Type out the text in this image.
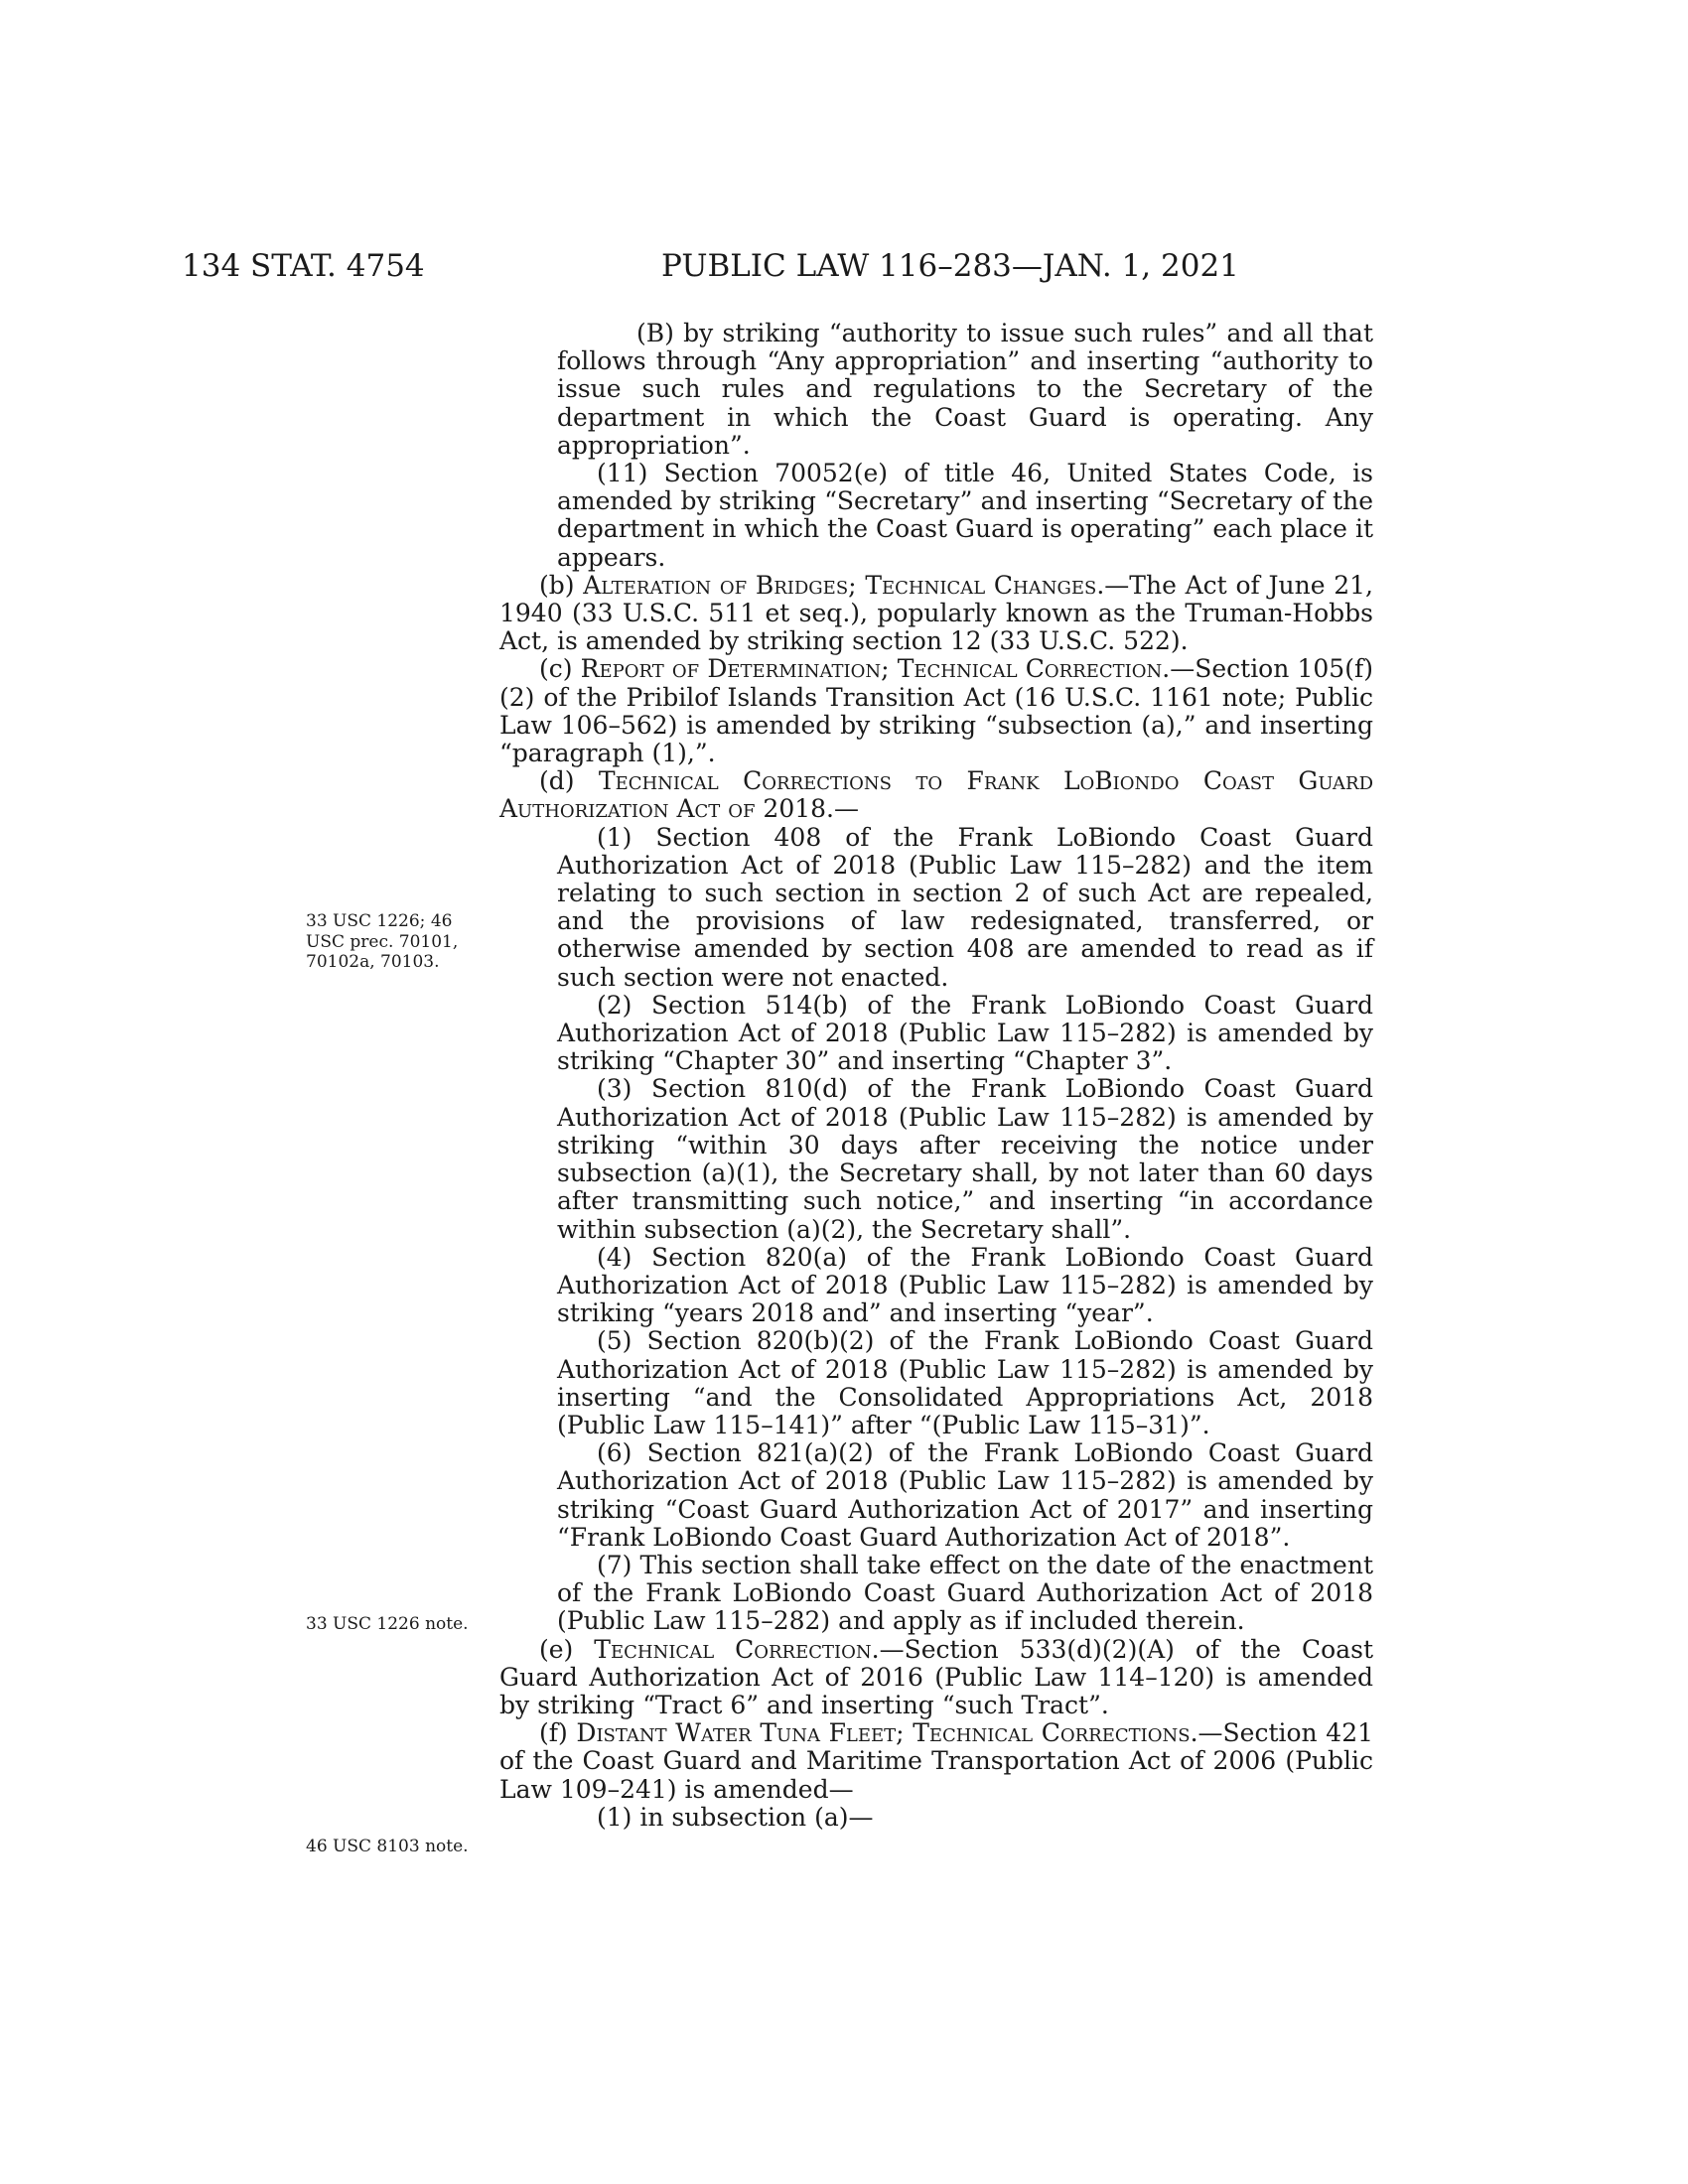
134 STAT. 4754	PUBLIC LAW 116–283—JAN. 1, 2021
33 USC 1226; 46 USC prec. 70101, 70102a, 70103.
33 USC 1226 note.
46 USC 8103 note.

(B) by striking “authority to issue such rules” and all that follows through “Any appropriation” and inserting “authority to issue such rules and regulations to the Secretary of the department in which the Coast Guard is operating. Any appropriation”.

(11) Section 70052(e) of title 46, United States Code, is amended by striking “Secretary” and inserting “Secretary of the department in which the Coast Guard is operating” each place it appears.

(b) Alteration of Bridges; Technical Changes.—The Act of June 21, 1940 (33 U.S.C. 511 et seq.), popularly known as the Truman-Hobbs Act, is amended by striking section 12 (33 U.S.C. 522).

(c) Report of Determination; Technical Correction.—Section 105(f)(2) of the Pribilof Islands Transition Act (16 U.S.C. 1161 note; Public Law 106–562) is amended by striking “subsection (a),” and inserting “paragraph (1),”.

(d) Technical Corrections to Frank LoBiondo Coast Guard Authorization Act of 2018.—

(1) Section 408 of the Frank LoBiondo Coast Guard Authorization Act of 2018 (Public Law 115–282) and the item relating to such section in section 2 of such Act are repealed, and the provisions of law redesignated, transferred, or otherwise amended by section 408 are amended to read as if such section were not enacted.

(2) Section 514(b) of the Frank LoBiondo Coast Guard Authorization Act of 2018 (Public Law 115–282) is amended by striking “Chapter 30” and inserting “Chapter 3”.

(3) Section 810(d) of the Frank LoBiondo Coast Guard Authorization Act of 2018 (Public Law 115–282) is amended by striking “within 30 days after receiving the notice under subsection (a)(1), the Secretary shall, by not later than 60 days after transmitting such notice,” and inserting “in accordance within subsection (a)(2), the Secretary shall”.

(4) Section 820(a) of the Frank LoBiondo Coast Guard Authorization Act of 2018 (Public Law 115–282) is amended by striking “years 2018 and” and inserting “year”.

(5) Section 820(b)(2) of the Frank LoBiondo Coast Guard Authorization Act of 2018 (Public Law 115–282) is amended by inserting “and the Consolidated Appropriations Act, 2018 (Public Law 115–141)” after “(Public Law 115–31)”.

(6) Section 821(a)(2) of the Frank LoBiondo Coast Guard Authorization Act of 2018 (Public Law 115–282) is amended by striking “Coast Guard Authorization Act of 2017” and inserting “Frank LoBiondo Coast Guard Authorization Act of 2018”.

(7) This section shall take effect on the date of the enactment of the Frank LoBiondo Coast Guard Authorization Act of 2018 (Public Law 115–282) and apply as if included therein.

(e) Technical Correction.—Section 533(d)(2)(A) of the Coast Guard Authorization Act of 2016 (Public Law 114–120) is amended by striking “Tract 6” and inserting “such Tract”.

(f) Distant Water Tuna Fleet; Technical Corrections.—Section 421 of the Coast Guard and Maritime Transportation Act of 2006 (Public Law 109–241) is amended—

(1) in subsection (a)—
